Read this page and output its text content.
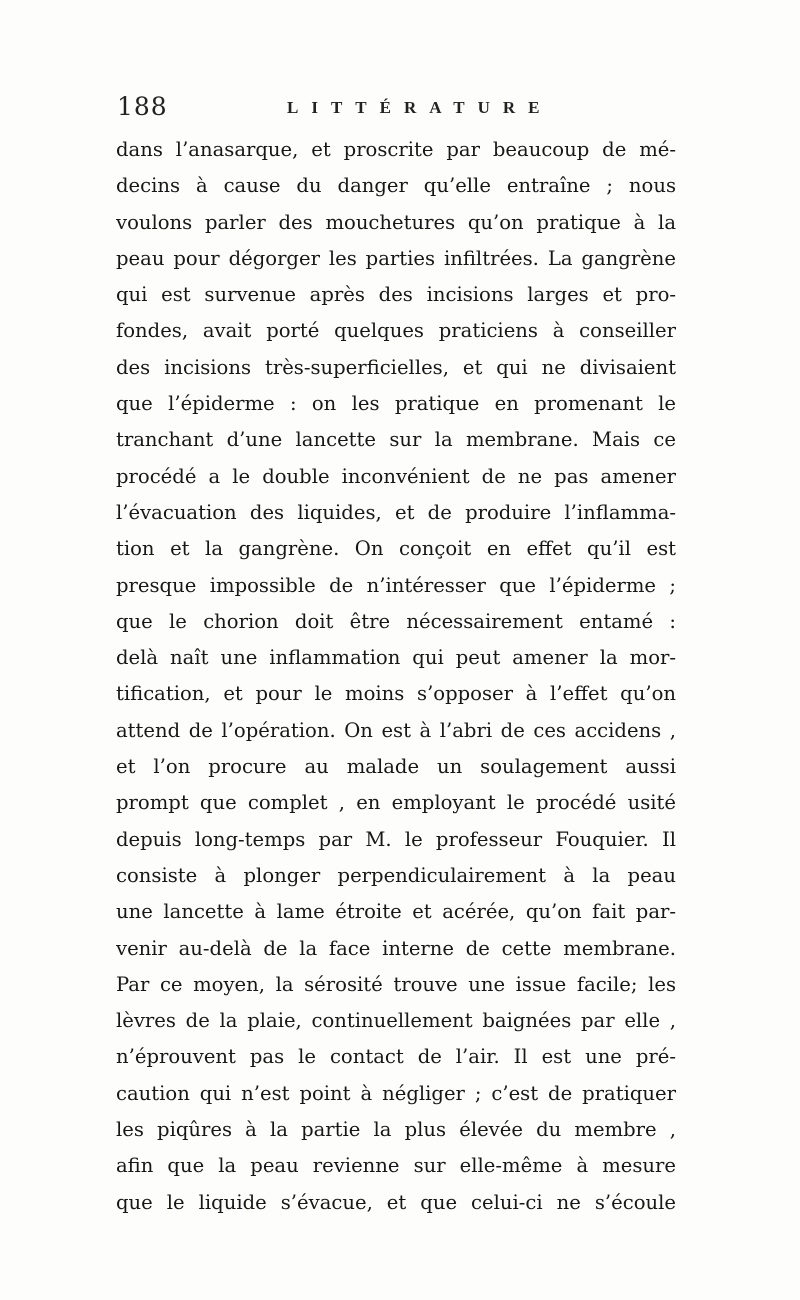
188	LITTÉRATURE
dans l’anasarque, et proscrite par beaucoup de mé-
decins à cause du danger qu’elle entraîne ; nous
voulons parler des mouchetures qu’on pratique à la
peau pour dégorger les parties infiltrées. La gangrène
qui est survenue après des incisions larges et pro-
fondes, avait porté quelques praticiens à conseiller
des incisions très-superficielles, et qui ne divisaient
que l’épiderme : on les pratique en promenant le
tranchant d’une lancette sur la membrane. Mais ce
procédé a le double inconvénient de ne pas amener
l’évacuation des liquides, et de produire l’inflamma-
tion et la gangrène. On conçoit en effet qu’il est
presque impossible de n’intéresser que l’épiderme ;
que le chorion doit être nécessairement entamé :
delà naît une inflammation qui peut amener la mor-
tification, et pour le moins s’opposer à l’effet qu’on
attend de l’opération. On est à l’abri de ces accidens ,
et l’on procure au malade un soulagement aussi
prompt que complet , en employant le procédé usité
depuis long-temps par M. le professeur Fouquier. Il
consiste à plonger perpendiculairement à la peau
une lancette à lame étroite et acérée, qu’on fait par-
venir au-delà de la face interne de cette membrane.
Par ce moyen, la sérosité trouve une issue facile; les
lèvres de la plaie, continuellement baignées par elle ,
n’éprouvent pas le contact de l’air. Il est une pré-
caution qui n’est point à négliger ; c’est de pratiquer
les piqûres à la partie la plus élevée du membre ,
afin que la peau revienne sur elle-même à mesure
que le liquide s’évacue, et que celui-ci ne s’écoule
